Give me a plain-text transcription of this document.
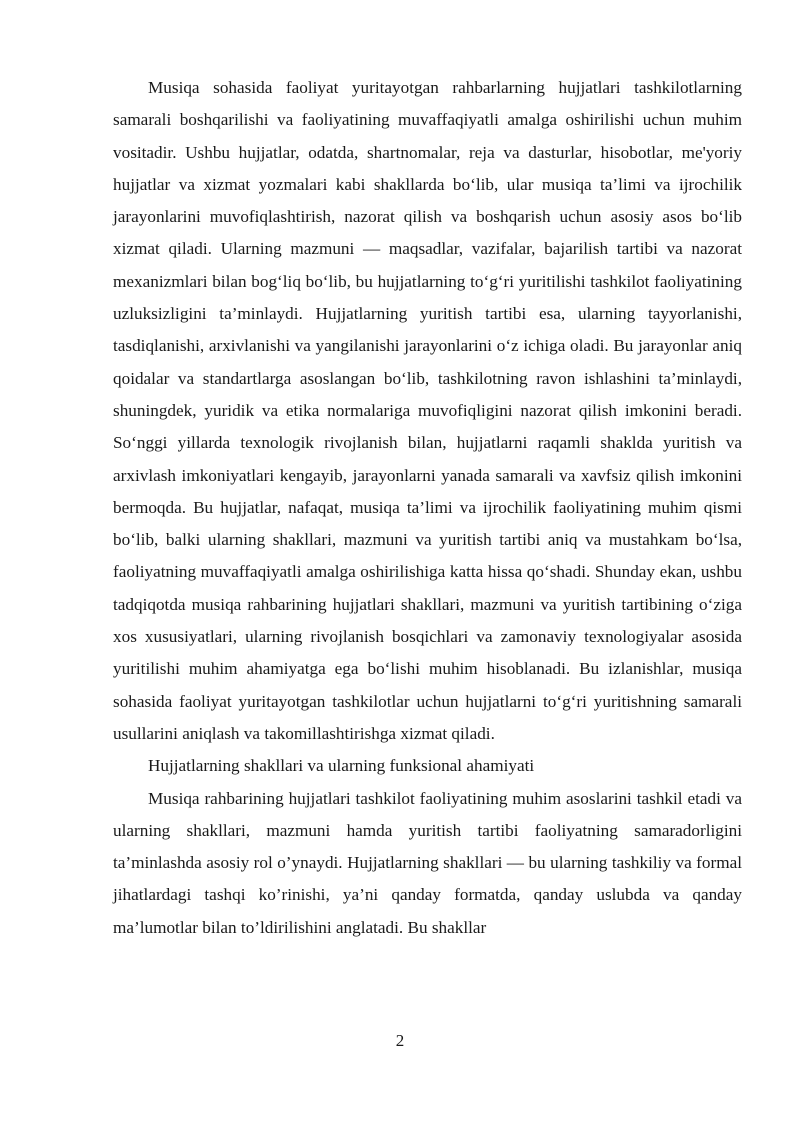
Musiqa sohasida faoliyat yuritayotgan rahbarlarning hujjatlari tashkilotlarning samarali boshqarilishi va faoliyatining muvaffaqiyatli amalga oshirilishi uchun muhim vositadir. Ushbu hujjatlar, odatda, shartnomalar, reja va dasturlar, hisobotlar, me'yoriy hujjatlar va xizmat yozmalari kabi shakllarda bo‘lib, ular musiqa ta’limi va ijrochilik jarayonlarini muvofiqlashtirish, nazorat qilish va boshqarish uchun asosiy asos bo‘lib xizmat qiladi. Ularning mazmuni — maqsadlar, vazifalar, bajarilish tartibi va nazorat mexanizmlari bilan bog‘liq bo‘lib, bu hujjatlarning to‘g‘ri yuritilishi tashkilot faoliyatining uzluksizligini ta’minlaydi. Hujjatlarning yuritish tartibi esa, ularning tayyorlanishi, tasdiqlanishi, arxivlanishi va yangilanishi jarayonlarini o‘z ichiga oladi. Bu jarayonlar aniq qoidalar va standartlarga asoslangan bo‘lib, tashkilotning ravon ishlashini ta’minlaydi, shuningdek, yuridik va etika normalariga muvofiqligini nazorat qilish imkonini beradi. So‘nggi yillarda texnologik rivojlanish bilan, hujjatlarni raqamli shaklda yuritish va arxivlash imkoniyatlari kengayib, jarayonlarni yanada samarali va xavfsiz qilish imkonini bermoqda. Bu hujjatlar, nafaqat, musiqa ta’limi va ijrochilik faoliyatining muhim qismi bo‘lib, balki ularning shakllari, mazmuni va yuritish tartibi aniq va mustahkam bo‘lsa, faoliyatning muvaffaqiyatli amalga oshirilishiga katta hissa qo‘shadi. Shunday ekan, ushbu tadqiqotda musiqa rahbarining hujjatlari shakllari, mazmuni va yuritish tartibining o‘ziga xos xususiyatlari, ularning rivojlanish bosqichlari va zamonaviy texnologiyalar asosida yuritilishi muhim ahamiyatga ega bo‘lishi muhim hisoblanadi. Bu izlanishlar, musiqa sohasida faoliyat yuritayotgan tashkilotlar uchun hujjatlarni to‘g‘ri yuritishning samarali usullarini aniqlash va takomillashtirishga xizmat qiladi.

Hujjatlarning shakllari va ularning funksional ahamiyati

Musiqa rahbarining hujjatlari tashkilot faoliyatining muhim asoslarini tashkil etadi va ularning shakllari, mazmuni hamda yuritish tartibi faoliyatning samaradorligini ta’minlashda asosiy rol o’ynaydi. Hujjatlarning shakllari — bu ularning tashkiliy va formal jihatlardagi tashqi ko’rinishi, ya’ni qanday formatda, qanday uslubda va qanday ma’lumotlar bilan to’ldirilishini anglatadi. Bu shakllar

2
